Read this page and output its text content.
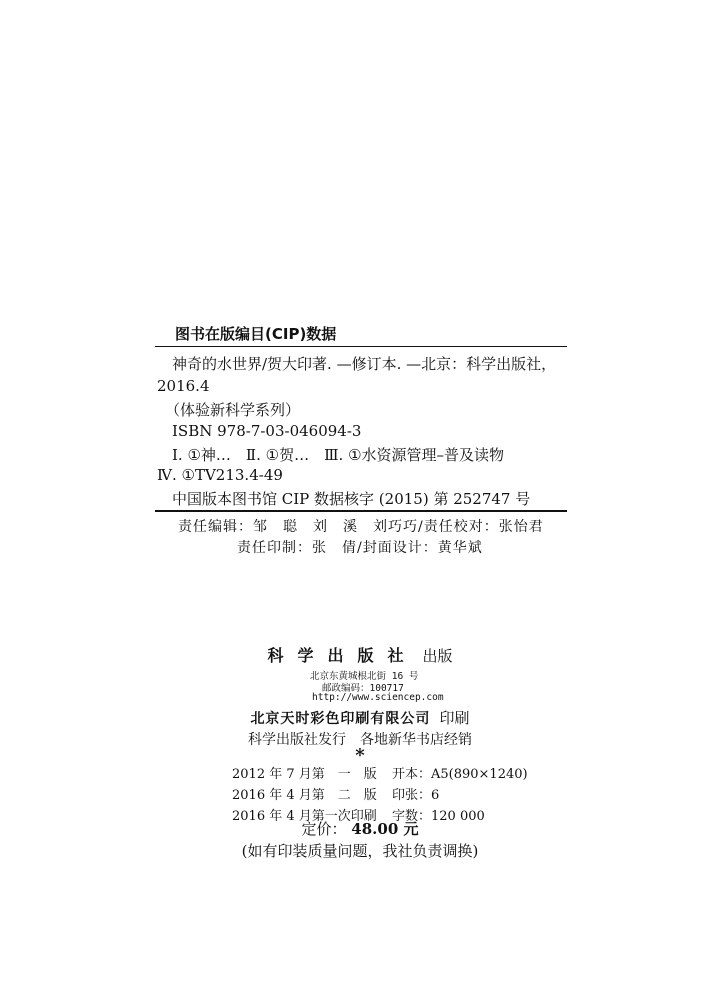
图书在版编目(CIP)数据
神奇的水世界/贺大印著. —修订本. —北京：科学出版社，
2016.4
（体验新科学系列）
ISBN 978-7-03-046094-3
Ⅰ. ①神…　Ⅱ. ①贺…　Ⅲ. ①水资源管理–普及读物
Ⅳ. ①TV213.4-49
中国版本图书馆 CIP 数据核字 (2015) 第 252747 号
责任编辑：邹　聪　刘　溪　刘巧巧/责任校对：张怡君
责任印制：张　倩/封面设计：黄华斌
科学出版社 出版
北京东黄城根北街 16 号
邮政编码：100717
http://www.sciencep.com
北京天时彩色印刷有限公司 印刷
科学出版社发行　各地新华书店经销
*
2012 年 7 月第　一　版	开本：A5(890×1240)
2016 年 4 月第　二　版	印张：6
2016 年 4 月第一次印刷	字数：120 000
定价： 48.00 元
(如有印装质量问题，我社负责调换)
